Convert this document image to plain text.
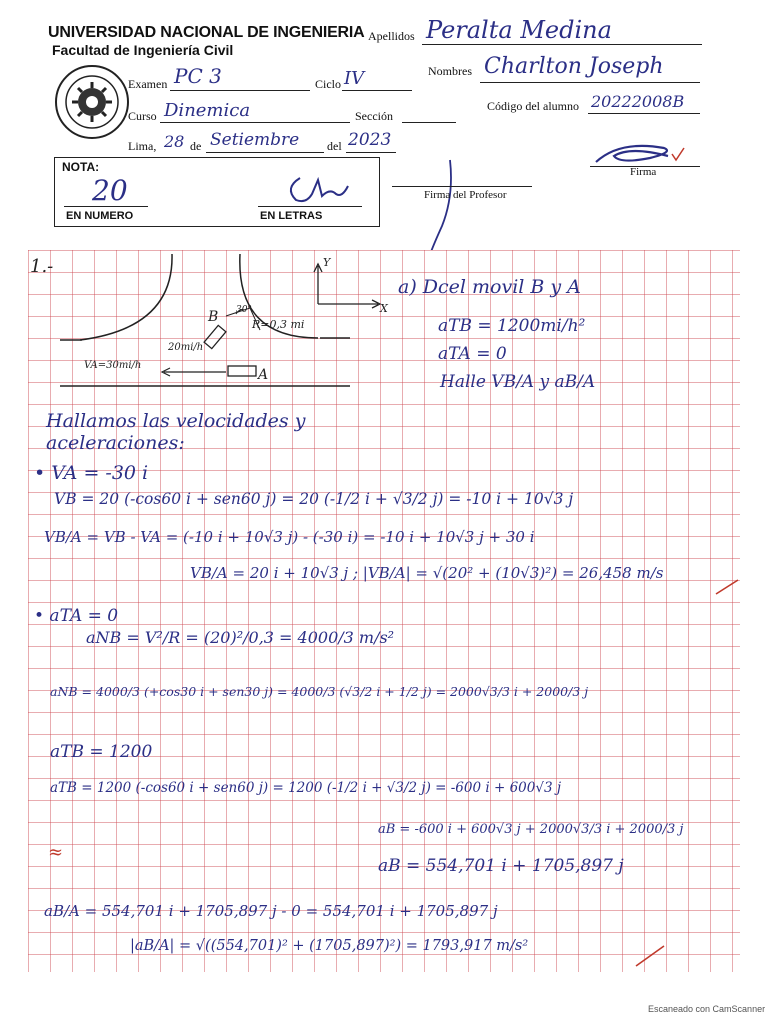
UNIVERSIDAD NACIONAL DE INGENIERIA
Facultad de Ingeniería Civil
Apellidos Peralta Medina
Nombres Charlton Joseph
Examen PC 3	Ciclo IV
Código del alumno 20222008B
Curso Dinemica	Sección
Lima, 28 de Setiembre del 2023
Firma
NOTA:
20
EN NUMERO	EN LETRAS
Firma del Profesor
1.-	Y
X
B
A
30°
R=0,3 mi
20mi/h
VA=30mi/h
a) Dcel movil B y A
aTB = 1200mi/h²
aTA = 0
Halle VB/A y aB/A
Hallamos las velocidades y
aceleraciones:
• VA = -30 i
VB = 20 (-cos60 i + sen60 j) = 20 (-1/2 i + √3/2 j) = -10 i + 10√3 j
VB/A = VB - VA = (-10 i + 10√3 j) - (-30 i) = -10 i + 10√3 j + 30 i
VB/A = 20 i + 10√3 j ; |VB/A| = √(20² + (10√3)²) = 26,458 m/s
• aTA = 0
aNB = V²/R = (20)²/0,3 = 4000/3 m/s²
aNB = 4000/3 (+cos30 i + sen30 j) = 4000/3 (√3/2 i + 1/2 j) = 2000√3/3 i + 2000/3 j
aTB = 1200
aTB = 1200 (-cos60 i + sen60 j) = 1200 (-1/2 i + √3/2 j) = -600 i + 600√3 j
aB = -600 i + 600√3 j + 2000√3/3 i + 2000/3 j
≈
aB = 554,701 i + 1705,897 j
aB/A = 554,701 i + 1705,897 j - 0 = 554,701 i + 1705,897 j
|aB/A| = √((554,701)² + (1705,897)²) = 1793,917 m/s²
Escaneado con CamScanner
